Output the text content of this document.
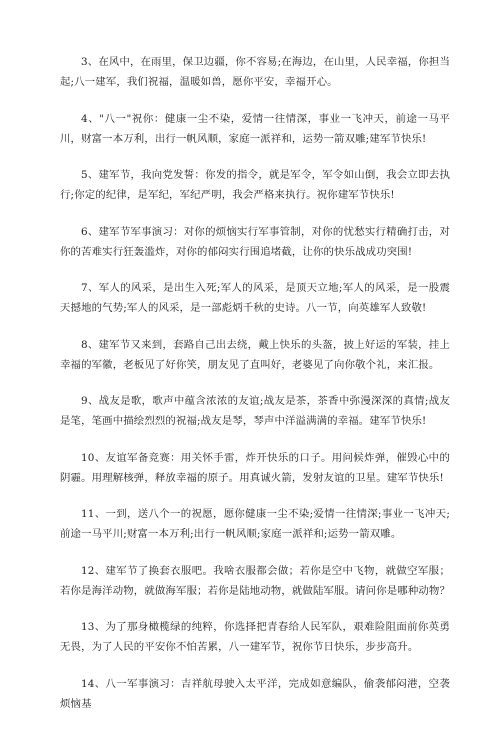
3、在风中，在雨里，保卫边疆，你不容易;在海边，在山里，人民幸福，你担当起;八一建军，我们祝福，温暖如兽，愿你平安，幸福开心。

4、"八一"祝你：健康一尘不染，爱情一往情深，事业一飞冲天，前途一马平川，财富一本万利，出行一帆风顺，家庭一派祥和，运势一箭双雕;建军节快乐!

5、建军节，我向党发誓：你发的指令，就是军令，军令如山倒，我会立即去执行;你定的纪律，是军纪，军纪严明，我会严格来执行。祝你建军节快乐!

6、建军节军事演习：对你的烦恼实行军事管制，对你的忧愁实行精确打击，对你的苦难实行狂轰滥炸，对你的郁闷实行围追堵截，让你的快乐战成功突围!

7、军人的风采，是出生入死;军人的风采，是顶天立地;军人的风采，是一股震天撼地的气势;军人的风采，是一部彪炳千秋的史诗。八一节，向英雄军人致敬!

8、建军节又来到，套路自己出去绕，戴上快乐的头盔，披上好运的军装，挂上幸福的军徽，老板见了好你笑，朋友见了直叫好，老婆见了向你敬个礼，来汇报。

9、战友是歌，歌声中蕴含浓浓的友谊;战友是茶，茶香中弥漫深深的真情;战友是笔，笔画中描绘烈烈的祝福;战友是琴，琴声中洋溢满满的幸福。建军节快乐!

10、友谊军备竞赛：用关怀手雷，炸开快乐的口子。用问候炸弹，催毁心中的阴霾。用理解核弹，释放幸福的原子。用真诚火箭，发射友谊的卫星。建军节快乐!

11、一到，送八个一的祝愿，愿你健康一尘不染;爱情一往情深;事业一飞冲天;前途一马平川;财富一本万利;出行一帆风顺;家庭一派祥和;运势一箭双雕。

12、建军节了换套衣服吧。我啥衣服都会做；若你是空中飞物，就做空军服；若你是海洋动物，就做海军服；若你是陆地动物，就做陆军服。请问你是哪种动物？

13、为了那身橄榄绿的纯粹，你选择把青春给人民军队，艰难险阻面前你英勇无畏，为了人民的平安你不怕苦累，八一建军节，祝你节日快乐，步步高升。

14、八一军事演习：吉祥航母驶入太平洋，完成如意编队，偷袭郁闷港，空袭烦恼基
